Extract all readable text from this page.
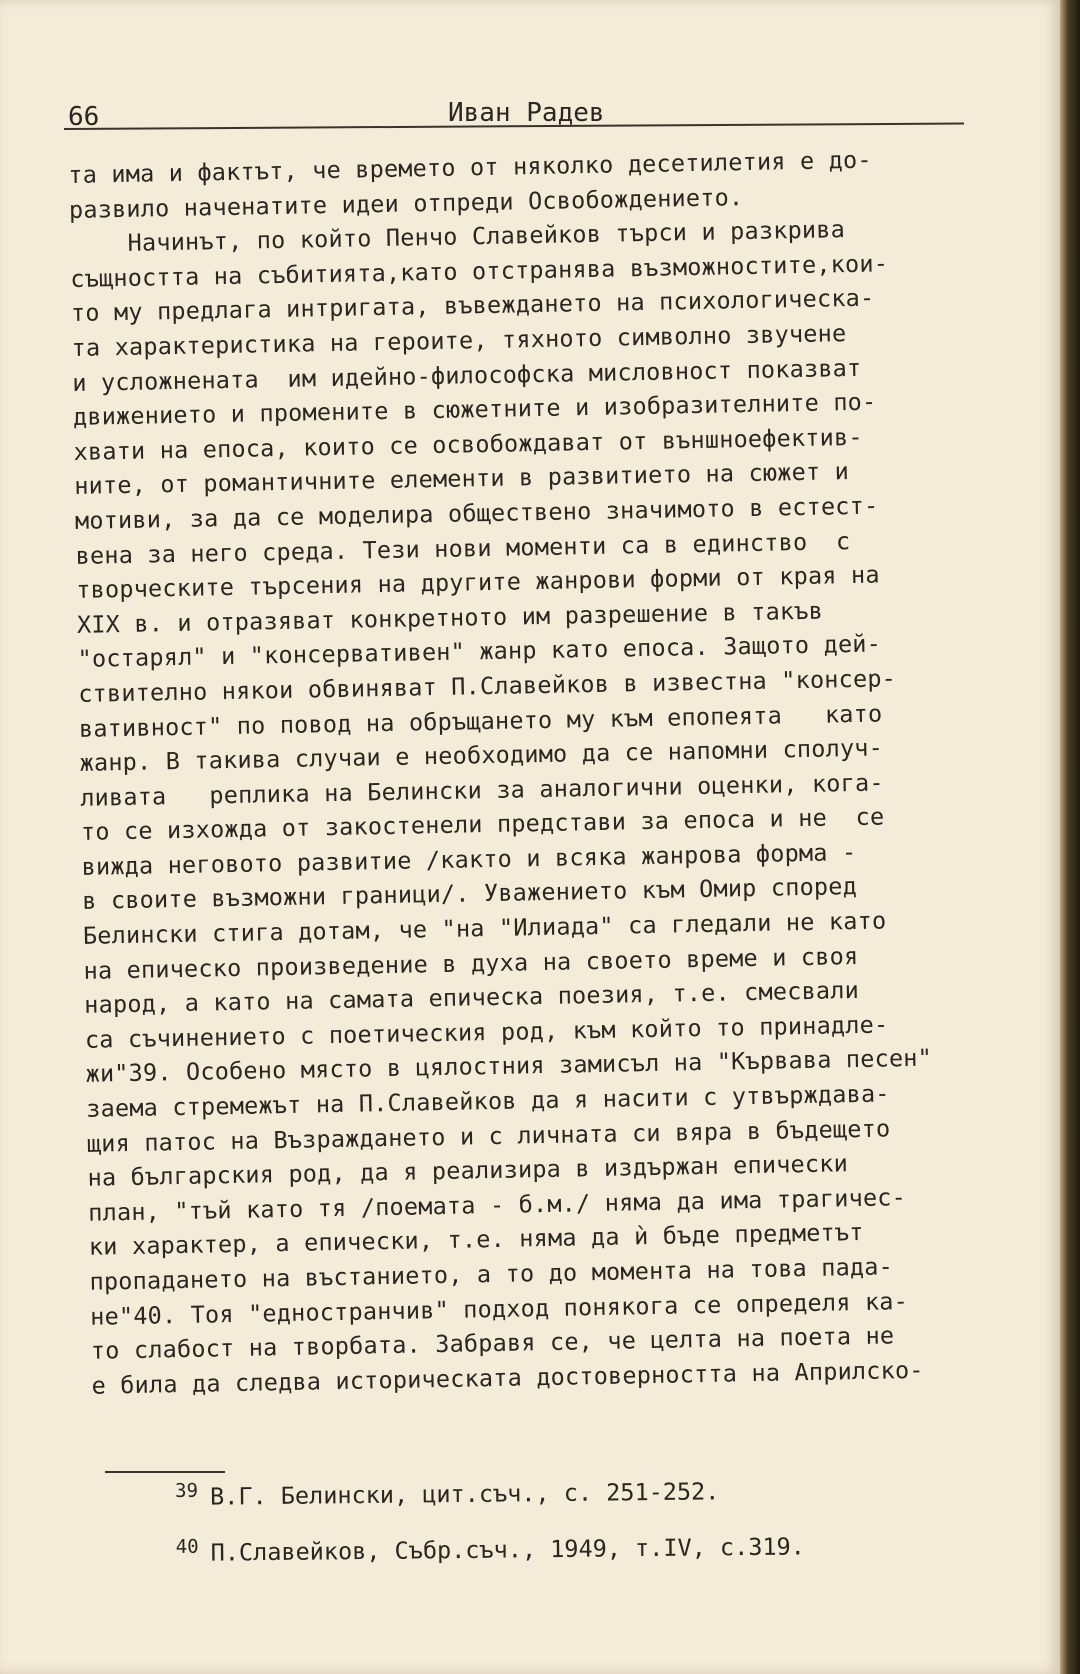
66	Иван Радев
та има и фактът, че времето от няколко десетилетия е до-
развило наченатите идеи отпреди Освобождението.
Начинът, по който Пенчо Славейков търси и разкрива
същността на събитията,като отстранява възможностите,кои-
то му предлага интригата, въвеждането на психологическа-
та характеристика на героите, тяхното символно звучене
и усложнената  им идейно-философска мисловност показват
движението и промените в сюжетните и изобразителните по-
хвати на епоса, които се освобождават от външноефектив-
ните, от романтичните елементи в развитието на сюжет и
мотиви, за да се моделира общественo значимото в естест-
вена за него среда. Тези нови моменти са в единство  с
творческите търсения на другите жанрови форми от края на
XIX в. и отразяват конкретното им разрешение в такъв
"остарял" и "консервативен" жанр като епоса. Защото дей-
ствително някои обвиняват П.Славейков в известна "консер-
вативност" по повод на обръщането му към епопеята   като
жанр. В такива случаи е необходимо да се напомни сполуч-
ливата   реплика на Белински за аналогични оценки, кога-
то се изхожда от закостенели представи за епоса и не  се
вижда неговото развитие /както и всяка жанрова форма -
в своите възможни граници/. Уважението към Омир според
Белински стига дотам, че "на "Илиада" са гледали не като
на епическо произведение в духа на своето време и своя
народ, а като на самата епическа поезия, т.е. смесвали
са съчинението с поетическия род, към който то принадле-
жи"39. Особено място в цялостния замисъл на "Кървава песен"
заема стремежът на П.Славейков да я насити с утвърждава-
щия патос на Възраждането и с личната си вяра в бъдещето
на българския род, да я реализира в издържан епически
план, "тъй като тя /поемата - б.м./ няма да има трагичес-
ки характер, а епически, т.е. няма да ѝ бъде предметът
пропадането на въстанието, а то до момента на това пада-
не"40. Тоя "еднострaнчив" подход понякога се определя ка-
то слабост на творбата. Забравя се, че целта на поета не
е била да следва историческата достоверността на Априлско-
$^{39}$ В.Г. Белински, цит.съч., с. 251-252.
$^{40}$ П.Славейков, Събр.съч., 1949, т.IV, с.319.
